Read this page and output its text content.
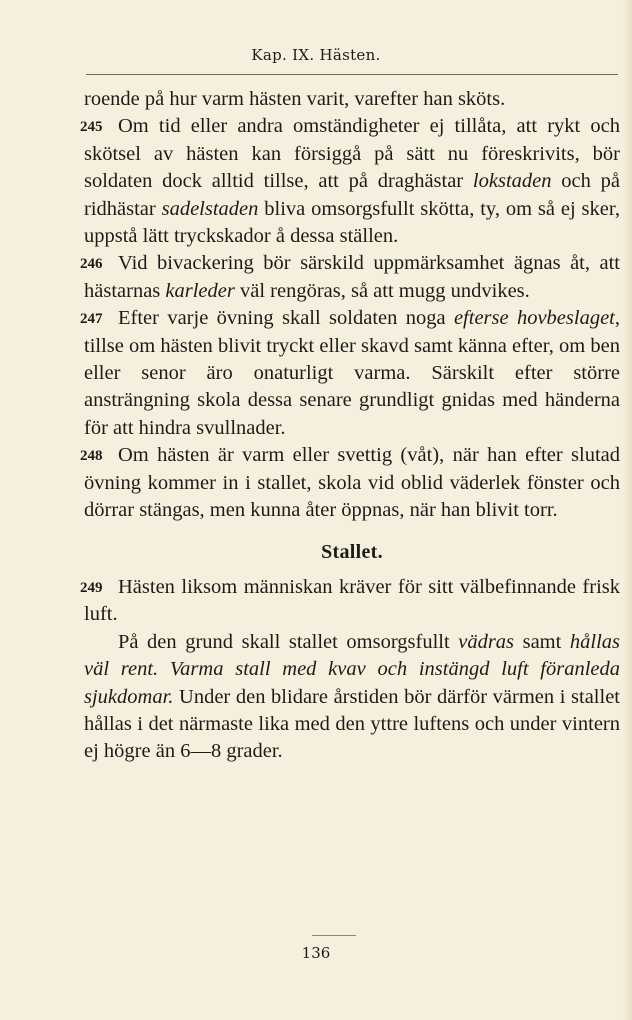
Kap. IX. Hästen.

roende på hur varm hästen varit, varefter han sköts.

245 Om tid eller andra omständigheter ej tillåta, att rykt och skötsel av hästen kan försiggå på sätt nu föreskrivits, bör soldaten dock alltid tillse, att på draghästar lokstaden och på ridhästar sadelstaden bliva omsorgsfullt skötta, ty, om så ej sker, uppstå lätt tryckskador å dessa ställen.

246 Vid bivackering bör särskild uppmärksamhet ägnas åt, att hästarnas karleder väl rengöras, så att mugg undvikes.

247 Efter varje övning skall soldaten noga efterse hovbeslaget, tillse om hästen blivit tryckt eller skavd samt känna efter, om ben eller senor äro onaturligt varma. Särskilt efter större ansträngning skola dessa senare grundligt gnidas med händerna för att hindra svullnader.

248 Om hästen är varm eller svettig (våt), när han efter slutad övning kommer in i stallet, skola vid oblid väderlek fönster och dörrar stängas, men kunna åter öppnas, när han blivit torr.

Stallet.

249 Hästen liksom människan kräver för sitt välbefinnande frisk luft.

På den grund skall stallet omsorgsfullt vädras samt hållas väl rent. Varma stall med kvav och instängd luft föranleda sjukdomar. Under den blidare årstiden bör därför värmen i stallet hållas i det närmaste lika med den yttre luftens och under vintern ej högre än 6—8 grader.

136
